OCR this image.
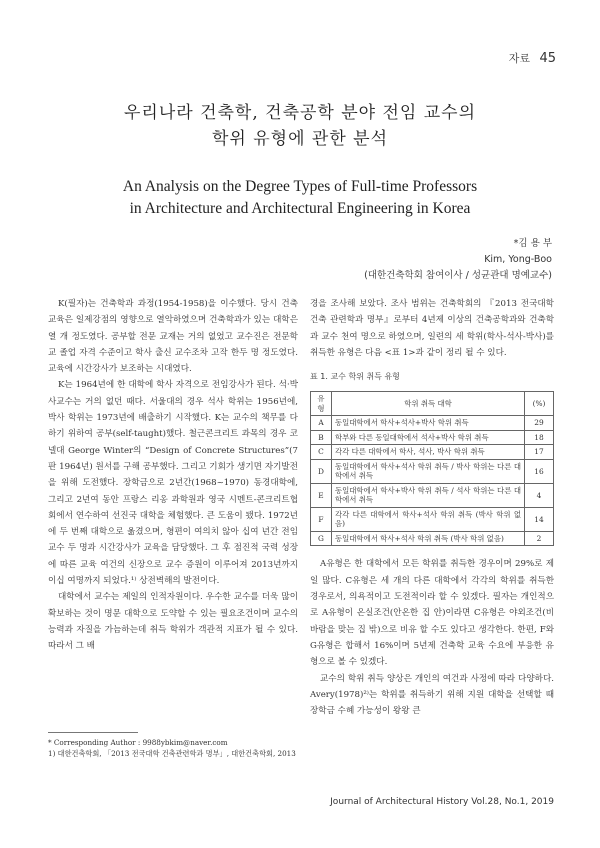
자료 45
우리나라 건축학, 건축공학 분야 전임 교수의
학위 유형에 관한 분석
An Analysis on the Degree Types of Full-time Professors
in Architecture and Architectural Engineering in Korea
*김 용 부
Kim, Yong-Boo
(대한건축학회 참여이사 / 성균관대 명예교수)

K(필자)는 건축학과 과정(1954-1958)을 이수했다. 당시 건축교육은 일제강점의 영향으로 열악하였으며 건축학과가 있는 대학은 열 개 정도였다. 공부할 전문 교재는 거의 없었고 교수진은 전문학교 졸업 자격 수준이고 학사 출신 교수조차 고작 한두 명 정도였다. 교육에 시간강사가 보조하는 시대였다.

K는 1964년에 한 대학에 학사 자격으로 전임강사가 된다. 석·박사교수는 거의 없던 때다. 서울대의 경우 석사 학위는 1956년에, 박사 학위는 1973년에 배출하기 시작했다. K는 교수의 책무를 다하기 위하여 공부(self-taught)했다. 철근콘크리트 과목의 경우 코넬대 George Winter의 “Design of Concrete Structures”(7판 1964년) 원서를 구해 공부했다. 그리고 기회가 생기면 자기발전을 위해 도전했다. 장학금으로 2년간(1968~1970) 동경대학에, 그리고 2년여 동안 프랑스 리옹 과학원과 영국 시멘트-콘크리트협회에서 연수하여 선진국 대학을 체험했다. 큰 도움이 됐다. 1972년에 두 번째 대학으로 옮겼으며, 형편이 여의치 않아 십여 년간 전임교수 두 명과 시간강사가 교육을 담당했다. 그 후 점진적 국력 성장에 따른 교육 여건의 신장으로 교수 증원이 이루어져 2013년까지 이십 여명까지 되었다.¹⁾ 상전벽해의 발전이다.

대학에서 교수는 제일의 인적자원이다. 우수한 교수를 더욱 많이 확보하는 것이 명문 대학으로 도약할 수 있는 필요조건이며 교수의 능력과 자질을 가늠하는데 취득 학위가 객관적 지표가 될 수 있다. 따라서 그 배

경을 조사해 보았다. 조사 범위는 건축학회의 『2013 전국대학 건축 관련학과 명부』로부터 4년제 이상의 건축공학과와 건축학과 교수 천여 명으로 하였으며, 일련의 세 학위(학사-석사-박사)를 취득한 유형은 다음 <표 1>과 같이 정리 될 수 있다.

표 1. 교수 학위 취득 유형
유형	학위 취득 대학	(%)
A	동일대학에서 학사+석사+박사 학위 취득	29
B	학부와 다른 동일대학에서 석사+박사 학위 취득	18
C	각각 다른 대학에서 학사, 석사, 박사 학위 취득	17
D	동일대학에서 학사+석사 학위 취득 / 박사 학위는 다른 대학에서 취득	16
E	동일대학에서 학사+박사 학위 취득 / 석사 학위는 다른 대학에서 취득	4
F	각각 다른 대학에서 학사+석사 학위 취득 (박사 학위 없음)	14
G	동일대학에서 학사+석사 학위 취득 (박사 학위 없음)	2

A유형은 한 대학에서 모든 학위를 취득한 경우이며 29%로 제일 많다. C유형은 세 개의 다른 대학에서 각각의 학위를 취득한 경우로서, 의욕적이고 도전적이라 할 수 있겠다. 필자는 개인적으로 A유형이 온실조건(안온한 집 안)이라면 C유형은 야외조건(비바람을 맞는 집 밖)으로 비유 할 수도 있다고 생각한다. 한편, F와 G유형은 합해서 16%이며 5년제 건축학 교육 수요에 부응한 유형으로 볼 수 있겠다.

교수의 학위 취득 양상은 개인의 여건과 사정에 따라 다양하다. Avery(1978)²⁾는 학위를 취득하기 위해 지원 대학을 선택할 때 장학금 수혜 가능성이 왕왕 큰

* Corresponding Author : 9988ybkim@naver.com
1) 대한건축학회, 「2013 전국대학 건축관련학과 명부」, 대한건축학회, 2013
Journal of Architectural History Vol.28, No.1, 2019
